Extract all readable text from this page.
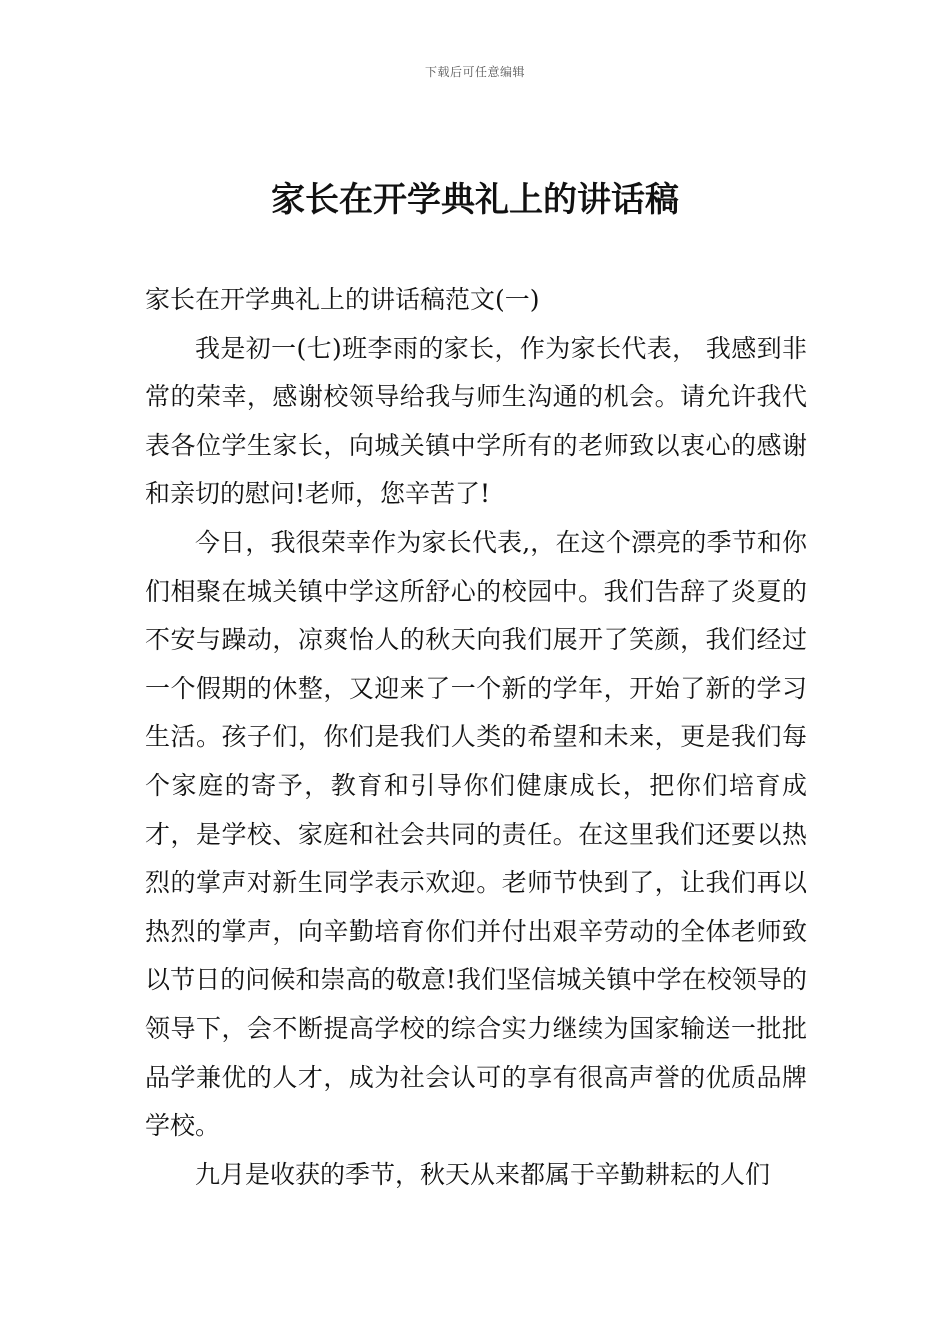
下载后可任意编辑
家长在开学典礼上的讲话稿

家长在开学典礼上的讲话稿范文(一)

我是初一(七)班李雨的家长，作为家长代表， 我感到非常的荣幸，感谢校领导给我与师生沟通的机会。请允许我代表各位学生家长，向城关镇中学所有的老师致以衷心的感谢和亲切的慰问!老师，您辛苦了!

今日，我很荣幸作为家长代表,，在这个漂亮的季节和你们相聚在城关镇中学这所舒心的校园中。我们告辞了炎夏的不安与躁动，凉爽怡人的秋天向我们展开了笑颜，我们经过一个假期的休整，又迎来了一个新的学年，开始了新的学习生活。孩子们，你们是我们人类的希望和未来，更是我们每个家庭的寄予，教育和引导你们健康成长，把你们培育成才，是学校、家庭和社会共同的责任。在这里我们还要以热烈的掌声对新生同学表示欢迎。老师节快到了，让我们再以热烈的掌声，向辛勤培育你们并付出艰辛劳动的全体老师致以节日的问候和崇高的敬意!我们坚信城关镇中学在校领导的领导下，会不断提高学校的综合实力继续为国家输送一批批品学兼优的人才，成为社会认可的享有很高声誉的优质品牌学校。

九月是收获的季节，秋天从来都属于辛勤耕耘的人们
